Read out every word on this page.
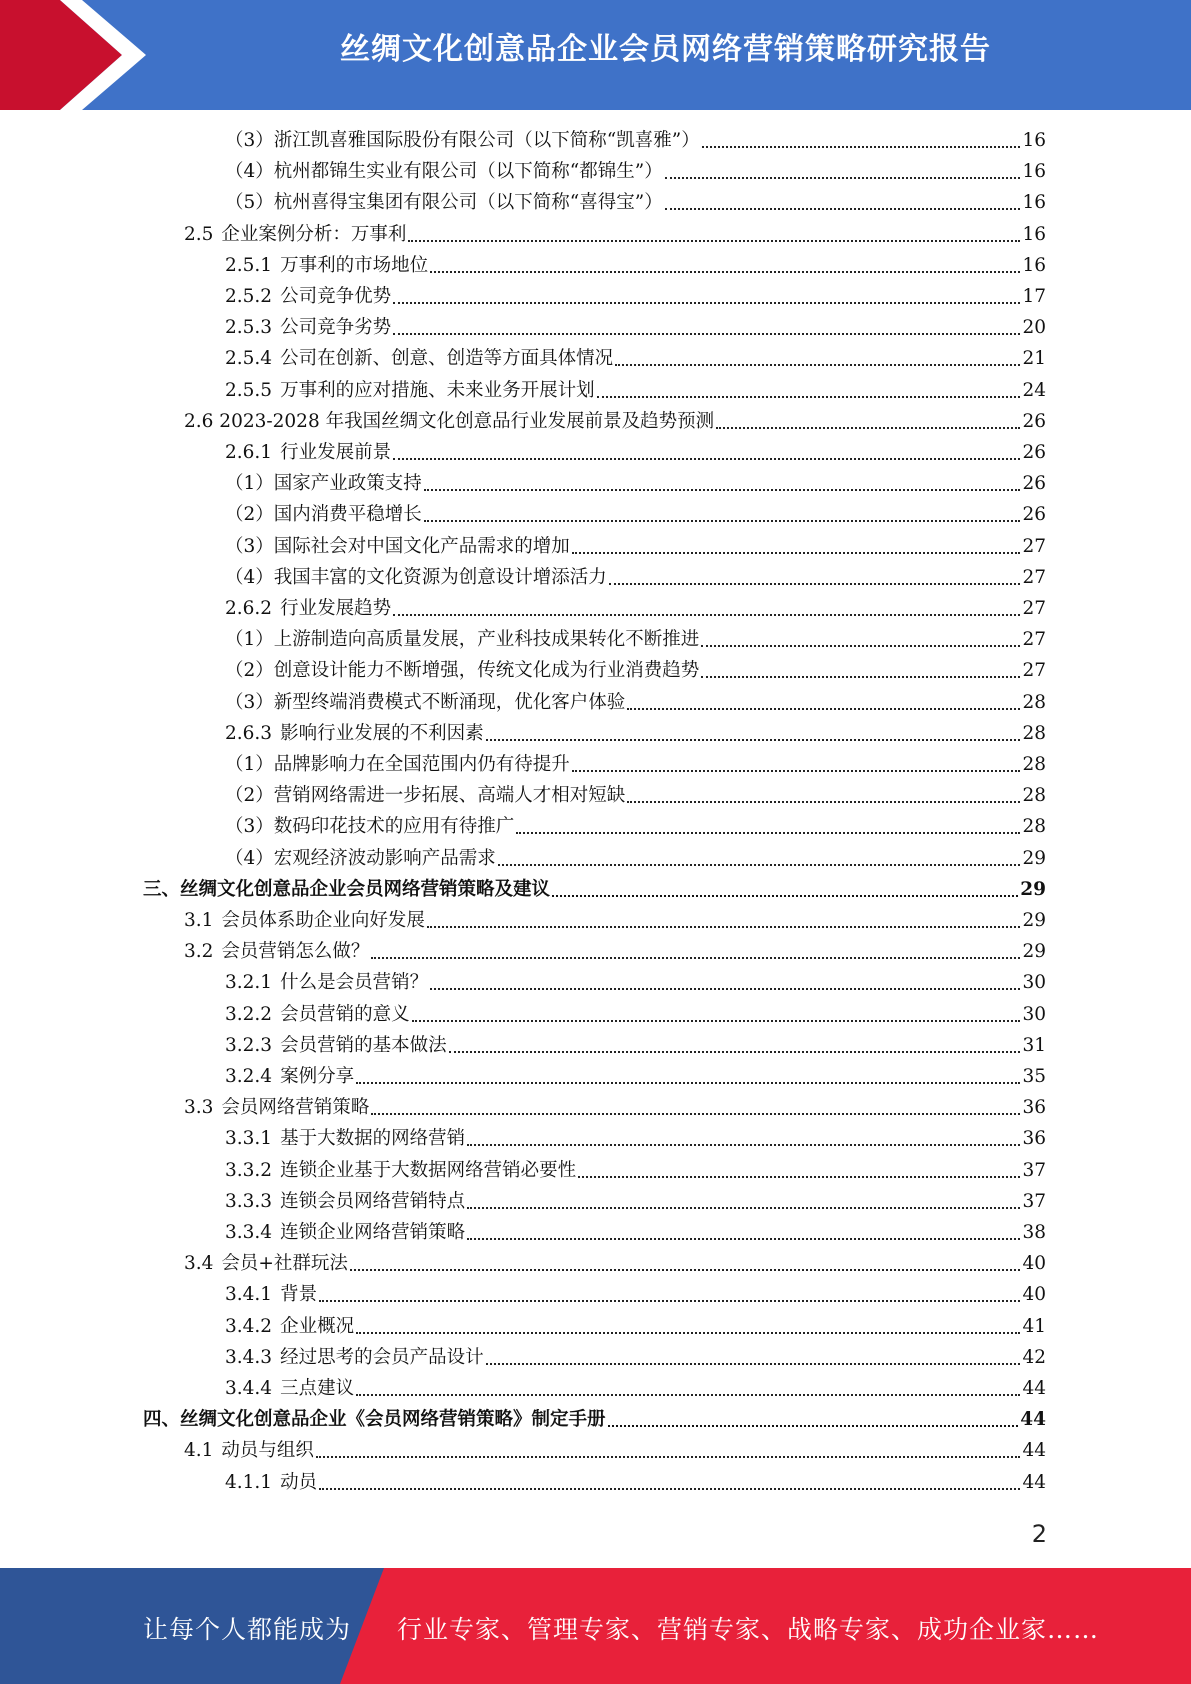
丝绸文化创意品企业会员网络营销策略研究报告
（3）浙江凯喜雅国际股份有限公司（以下简称“凯喜雅”）	16
（4）杭州都锦生实业有限公司（以下简称“都锦生”）	16
（5）杭州喜得宝集团有限公司（以下简称“喜得宝”）	16
2.5 企业案例分析：万事利	16
2.5.1 万事利的市场地位	16
2.5.2 公司竞争优势	17
2.5.3 公司竞争劣势	20
2.5.4 公司在创新、创意、创造等方面具体情况	21
2.5.5 万事利的应对措施、未来业务开展计划	24
2.6 2023-2028 年我国丝绸文化创意品行业发展前景及趋势预测	26
2.6.1 行业发展前景	26
（1）国家产业政策支持	26
（2）国内消费平稳增长	26
（3）国际社会对中国文化产品需求的增加	27
（4）我国丰富的文化资源为创意设计增添活力	27
2.6.2 行业发展趋势	27
（1）上游制造向高质量发展，产业科技成果转化不断推进	27
（2）创意设计能力不断增强，传统文化成为行业消费趋势	27
（3）新型终端消费模式不断涌现，优化客户体验	28
2.6.3 影响行业发展的不利因素	28
（1）品牌影响力在全国范围内仍有待提升	28
（2）营销网络需进一步拓展、高端人才相对短缺	28
（3）数码印花技术的应用有待推广	28
（4）宏观经济波动影响产品需求	29
三、丝绸文化创意品企业会员网络营销策略及建议	29
3.1 会员体系助企业向好发展	29
3.2 会员营销怎么做？	29
3.2.1 什么是会员营销？	30
3.2.2 会员营销的意义	30
3.2.3 会员营销的基本做法	31
3.2.4 案例分享	35
3.3 会员网络营销策略	36
3.3.1 基于大数据的网络营销	36
3.3.2 连锁企业基于大数据网络营销必要性	37
3.3.3 连锁会员网络营销特点	37
3.3.4 连锁企业网络营销策略	38
3.4 会员+社群玩法	40
3.4.1 背景	40
3.4.2 企业概况	41
3.4.3 经过思考的会员产品设计	42
3.4.4 三点建议	44
四、丝绸文化创意品企业《会员网络营销策略》制定手册	44
4.1 动员与组织	44
4.1.1 动员	44
2
让每个人都能成为 行业专家、管理专家、营销专家、战略专家、成功企业家……
